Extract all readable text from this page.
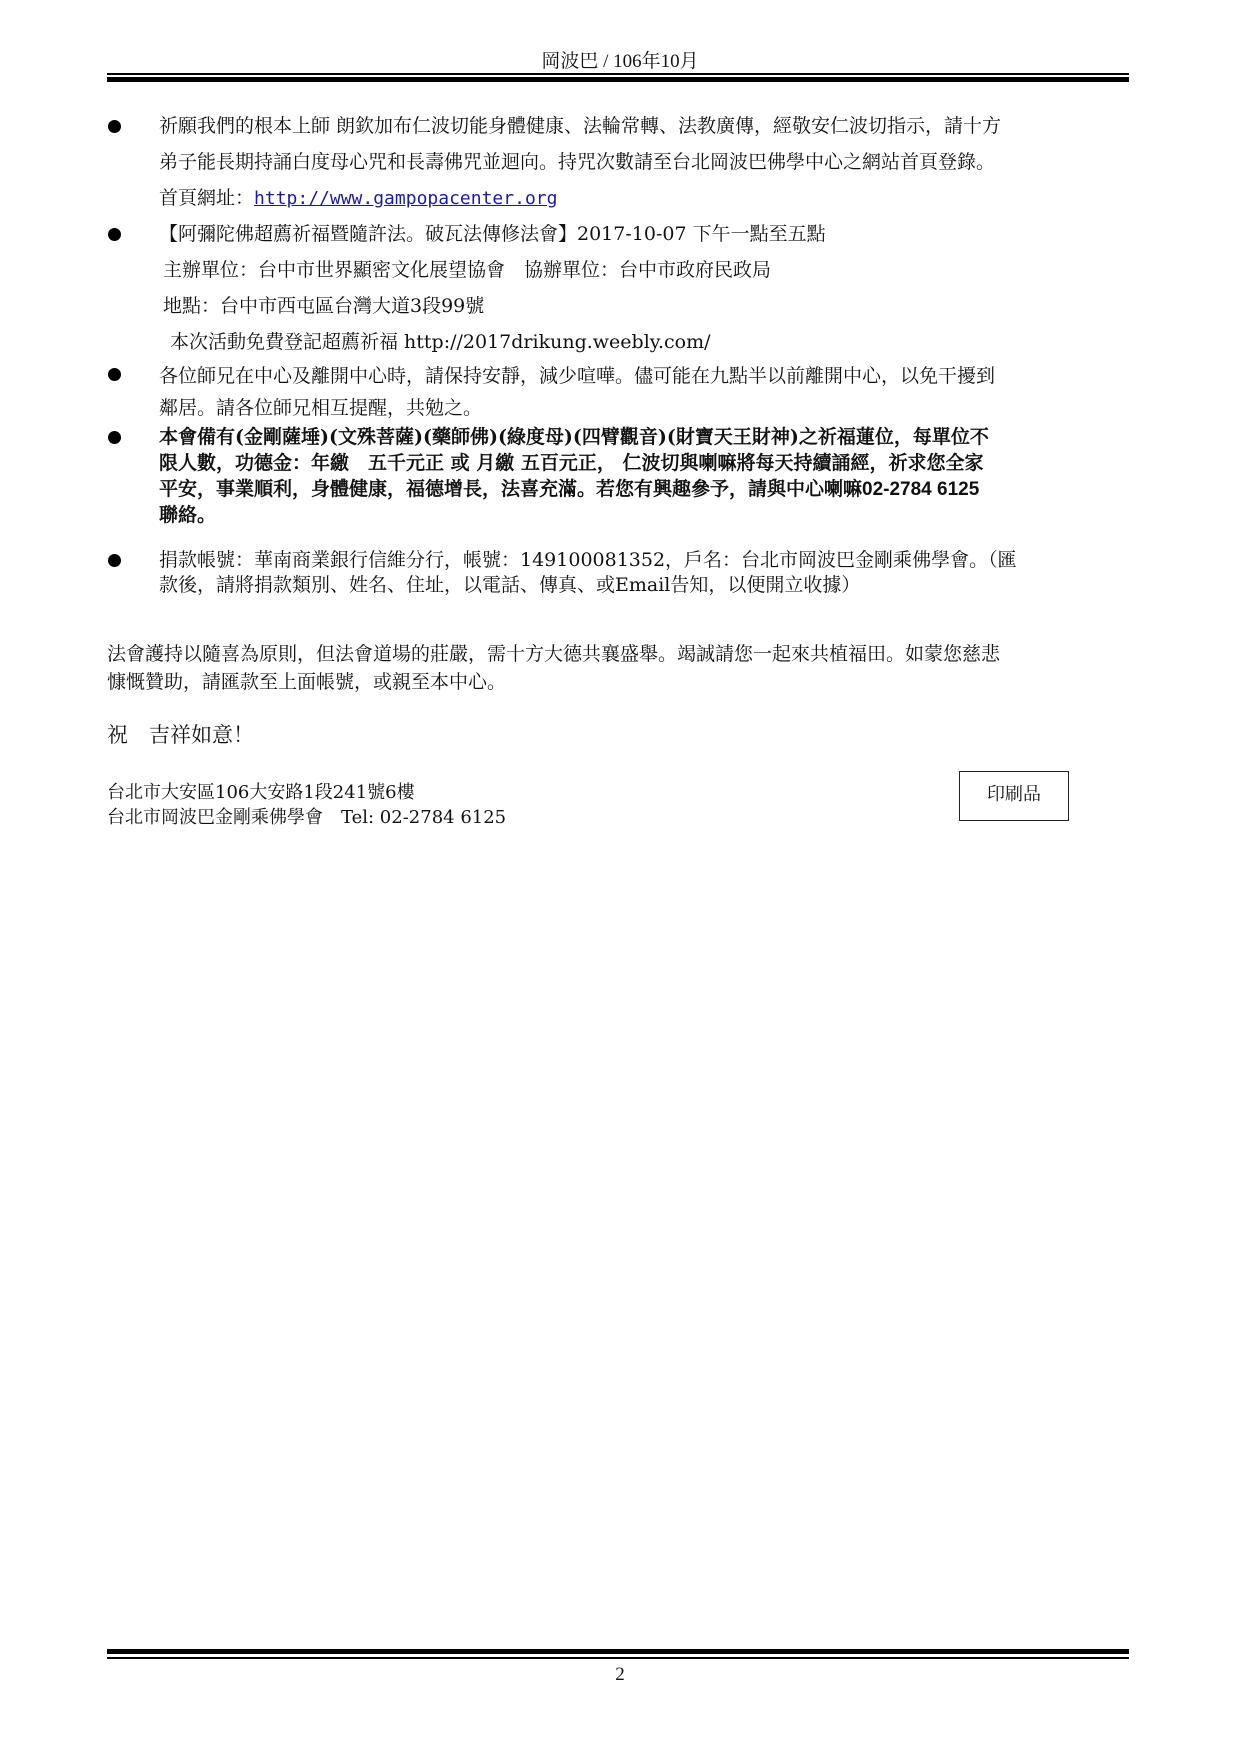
岡波巴 / 106年10月
祈願我們的根本上師 朗欽加布仁波切能身體健康、法輪常轉、法教廣傳，經敬安仁波切指示，請十方
弟子能長期持誦白度母心咒和長壽佛咒並迴向。持咒次數請至台北岡波巴佛學中心之網站首頁登錄。
首頁網址：http://www.gampopacenter.org
【阿彌陀佛超薦祈福暨隨許法。破瓦法傳修法會】2017-10-07 下午一點至五點
主辦單位：台中市世界顯密文化展望協會　協辦單位：台中市政府民政局
地點：台中市西屯區台灣大道3段99號
本次活動免費登記超薦祈福 http://2017drikung.weebly.com/
各位師兄在中心及離開中心時，請保持安靜，減少喧嘩。儘可能在九點半以前離開中心，以免干擾到
鄰居。請各位師兄相互提醒，共勉之。
本會備有(金剛薩埵)(文殊菩薩)(藥師佛)(綠度母)(四臂觀音)(財寶天王財神)之祈福蓮位，每單位不
限人數，功德金：年繳　五千元正 或 月繳 五百元正， 仁波切與喇嘛將每天持續誦經，祈求您全家
平安，事業順利，身體健康，福德增長，法喜充滿。若您有興趣參予，請與中心喇嘛02-2784 6125
聯絡。
捐款帳號：華南商業銀行信維分行，帳號：149100081352，戶名：台北市岡波巴金剛乘佛學會。（匯
款後，請將捐款類別、姓名、住址，以電話、傳真、或Email告知，以便開立收據）
法會護持以隨喜為原則，但法會道場的莊嚴，需十方大德共襄盛舉。竭誠請您一起來共植福田。如蒙您慈悲
慷慨贊助，請匯款至上面帳號，或親至本中心。
祝　吉祥如意！
台北市大安區106大安路1段241號6樓
台北市岡波巴金剛乘佛學會　Tel: 02-2784 6125
印刷品
2
